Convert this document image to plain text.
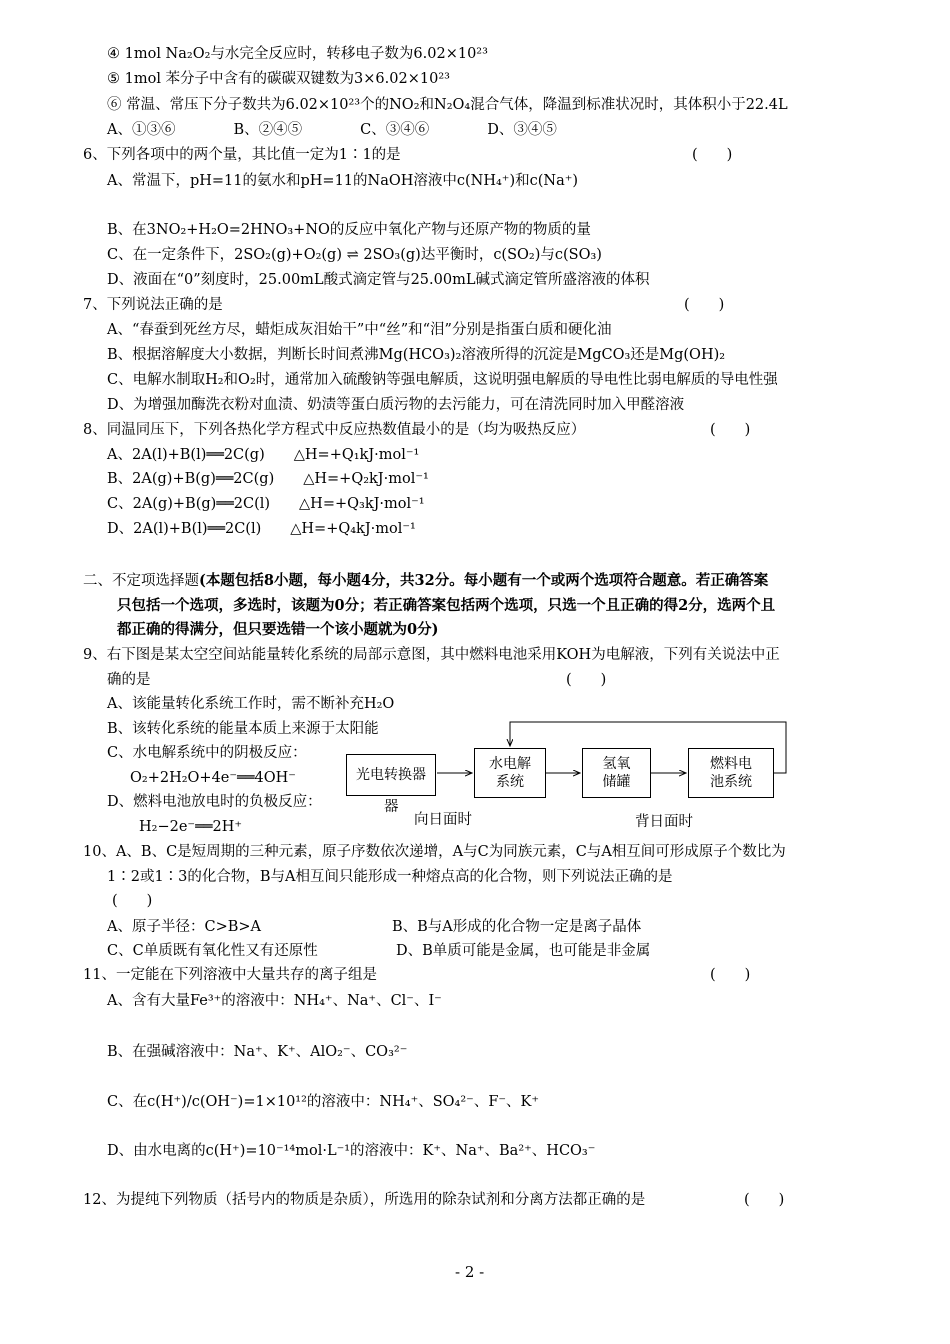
④ 1mol Na₂O₂与水完全反应时，转移电子数为6.02×10²³
⑤ 1mol 苯分子中含有的碳碳双键数为3×6.02×10²³
⑥ 常温、常压下分子数共为6.02×10²³个的NO₂和N₂O₄混合气体，降温到标准状况时，其体积小于22.4L
A、①③⑥　　　　B、②④⑤　　　　C、③④⑥　　　　D、③④⑤
6、下列各项中的两个量，其比值一定为1∶1的是	(　　)
A、常温下，pH=11的氨水和pH=11的NaOH溶液中c(NH₄⁺)和c(Na⁺)
B、在3NO₂+H₂O=2HNO₃+NO的反应中氧化产物与还原产物的物质的量
C、在一定条件下，2SO₂(g)+O₂(g) ⇌ 2SO₃(g)达平衡时，c(SO₂)与c(SO₃)
D、液面在“0”刻度时，25.00mL酸式滴定管与25.00mL碱式滴定管所盛溶液的体积
7、下列说法正确的是	(　　)
A、“春蚕到死丝方尽，蜡炬成灰泪始干”中“丝”和“泪”分别是指蛋白质和硬化油
B、根据溶解度大小数据，判断长时间煮沸Mg(HCO₃)₂溶液所得的沉淀是MgCO₃还是Mg(OH)₂
C、电解水制取H₂和O₂时，通常加入硫酸钠等强电解质，这说明强电解质的导电性比弱电解质的导电性强
D、为增强加酶洗衣粉对血渍、奶渍等蛋白质污物的去污能力，可在清洗同时加入甲醛溶液
8、同温同压下，下列各热化学方程式中反应热数值最小的是（均为吸热反应）	(　　)
A、2A(l)+B(l)══2C(g)　　△H=+Q₁kJ·mol⁻¹
B、2A(g)+B(g)══2C(g)　　△H=+Q₂kJ·mol⁻¹
C、2A(g)+B(g)══2C(l)　　△H=+Q₃kJ·mol⁻¹
D、2A(l)+B(l)══2C(l)　　△H=+Q₄kJ·mol⁻¹
二、不定项选择题(本题包括8小题，每小题4分，共32分。每小题有一个或两个选项符合题意。若正确答案
只包括一个选项，多选时，该题为0分；若正确答案包括两个选项，只选一个且正确的得2分，选两个且
都正确的得满分，但只要选错一个该小题就为0分)
9、右下图是某太空空间站能量转化系统的局部示意图，其中燃料电池采用KOH为电解液，下列有关说法中正
确的是	(　　)
A、该能量转化系统工作时，需不断补充H₂O
B、该转化系统的能量本质上来源于太阳能
C、水电解系统中的阴极反应：
O₂+2H₂O+4e⁻══4OH⁻
D、燃料电池放电时的负极反应：
H₂−2e⁻══2H⁺
光电转换器
器
水电解
系统
氢氧
储罐
燃料电
池系统
向日面时	背日面时
10、A、B、C是短周期的三种元素，原子序数依次递增，A与C为同族元素，C与A相互间可形成原子个数比为
1∶2或1∶3的化合物，B与A相互间只能形成一种熔点高的化合物，则下列说法正确的是
(　　)
A、原子半径：C>B>A	B、B与A形成的化合物一定是离子晶体
C、C单质既有氧化性又有还原性	D、B单质可能是金属，也可能是非金属
11、一定能在下列溶液中大量共存的离子组是	(　　)
A、含有大量Fe³⁺的溶液中：NH₄⁺、Na⁺、Cl⁻、I⁻
B、在强碱溶液中：Na⁺、K⁺、AlO₂⁻、CO₃²⁻
C、在c(H⁺)/c(OH⁻)=1×10¹²的溶液中：NH₄⁺、SO₄²⁻、F⁻、K⁺
D、由水电离的c(H⁺)=10⁻¹⁴mol·L⁻¹的溶液中：K⁺、Na⁺、Ba²⁺、HCO₃⁻
12、为提纯下列物质（括号内的物质是杂质），所选用的除杂试剂和分离方法都正确的是	(　　)
- 2 -
